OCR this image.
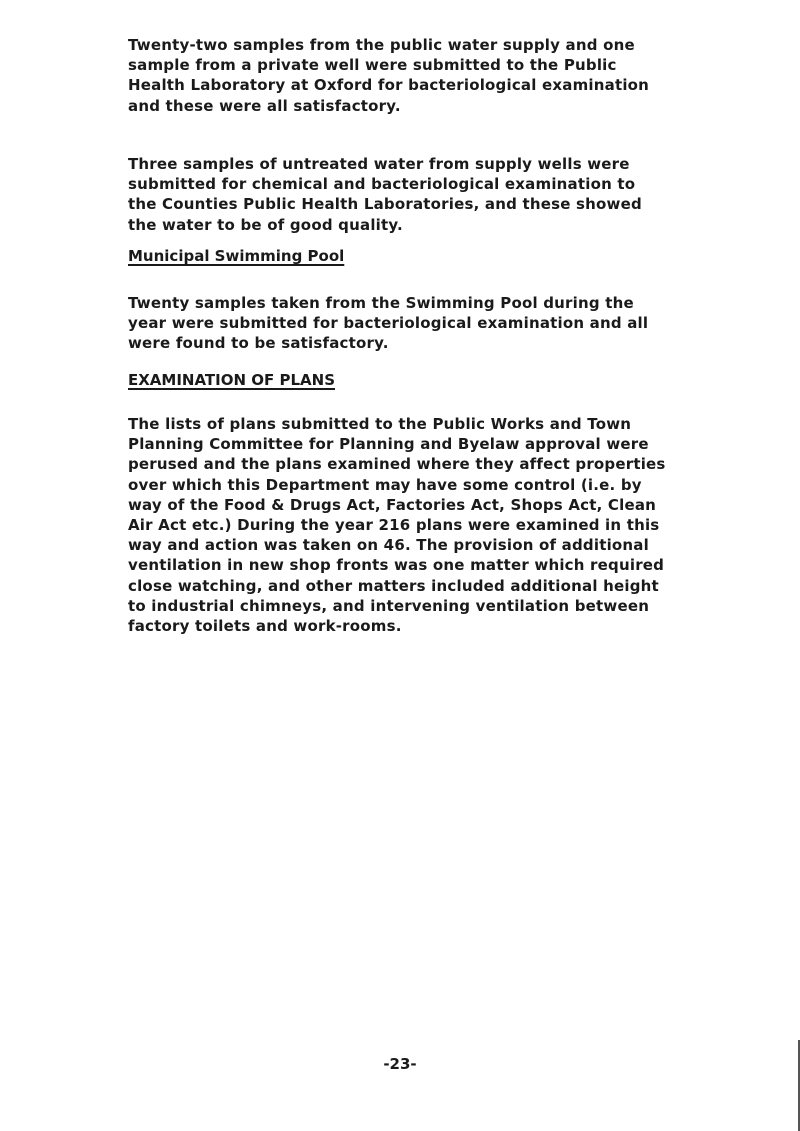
Twenty-two samples from the public water supply and one sample from a private well were submitted to the Public Health Laboratory at Oxford for bacteriological examination and these were all satisfactory.

Three samples of untreated water from supply wells were submitted for chemical and bacteriological examination to the Counties Public Health Laboratories, and these showed the water to be of good quality.

Municipal Swimming Pool

Twenty samples taken from the Swimming Pool during the year were submitted for bacteriological examination and all were found to be satisfactory.

EXAMINATION OF PLANS

The lists of plans submitted to the Public Works and Town Planning Committee for Planning and Byelaw approval were perused and the plans examined where they affect properties over which this Department may have some control (i.e. by way of the Food & Drugs Act, Factories Act, Shops Act, Clean Air Act etc.) During the year 216 plans were examined in this way and action was taken on 46. The provision of additional ventilation in new shop fronts was one matter which required close watching, and other matters included additional height to industrial chimneys, and intervening ventilation between factory toilets and work-rooms.

-23-
